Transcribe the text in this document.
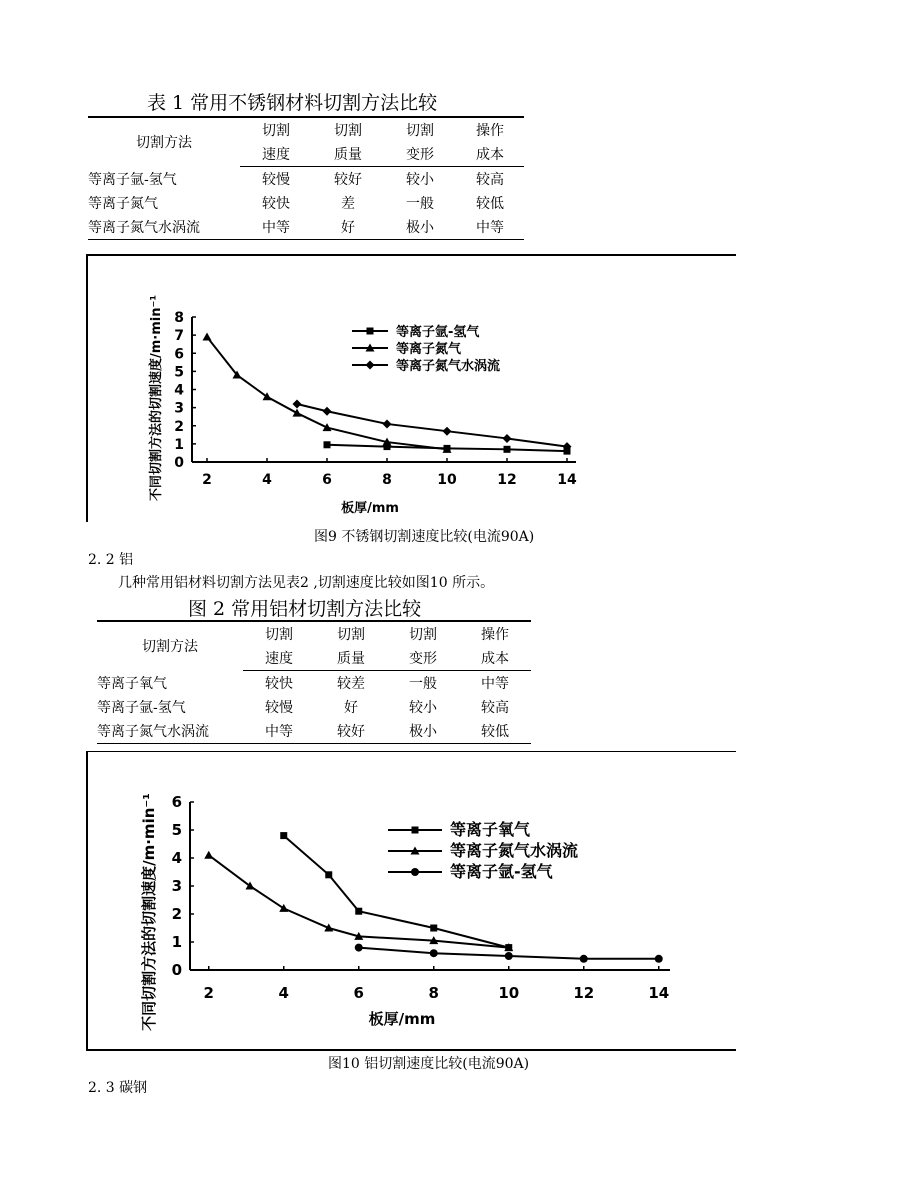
表 1 常用不锈钢材料切割方法比较
切割方法	切割	切割	切割	操作
	速度	质量	变形	成本
等离子氩-氢气	较慢	较好	较小	较高
等离子氮气	较快	差	一般	较低
等离子氮气水涡流	中等	好	极小	中等
0
1
2
3
4
5
6
7
8
2	4	6	8	10	12	14
板厚/mm
不同切割方法的切割速度/m·min⁻¹	等离子氩-氢气
等离子氮气
等离子氮气水涡流
图9 不锈钢切割速度比较(电流90A)
2. 2 铝
几种常用铝材料切割方法见表2 ,切割速度比较如图10 所示。
图 2 常用铝材切割方法比较
切割方法	切割	切割	切割	操作
	速度	质量	变形	成本
等离子氧气	较快	较差	一般	中等
等离子氩-氢气	较慢	好	较小	较高
等离子氮气水涡流	中等	较好	极小	较低
0
1
2
3
4
5
6
2	4	6	8	10	12	14
板厚/mm
不同切割方法的切割速度/m·min⁻¹	等离子氧气
等离子氮气水涡流
等离子氩-氢气
图10 铝切割速度比较(电流90A)
2. 3 碳钢
